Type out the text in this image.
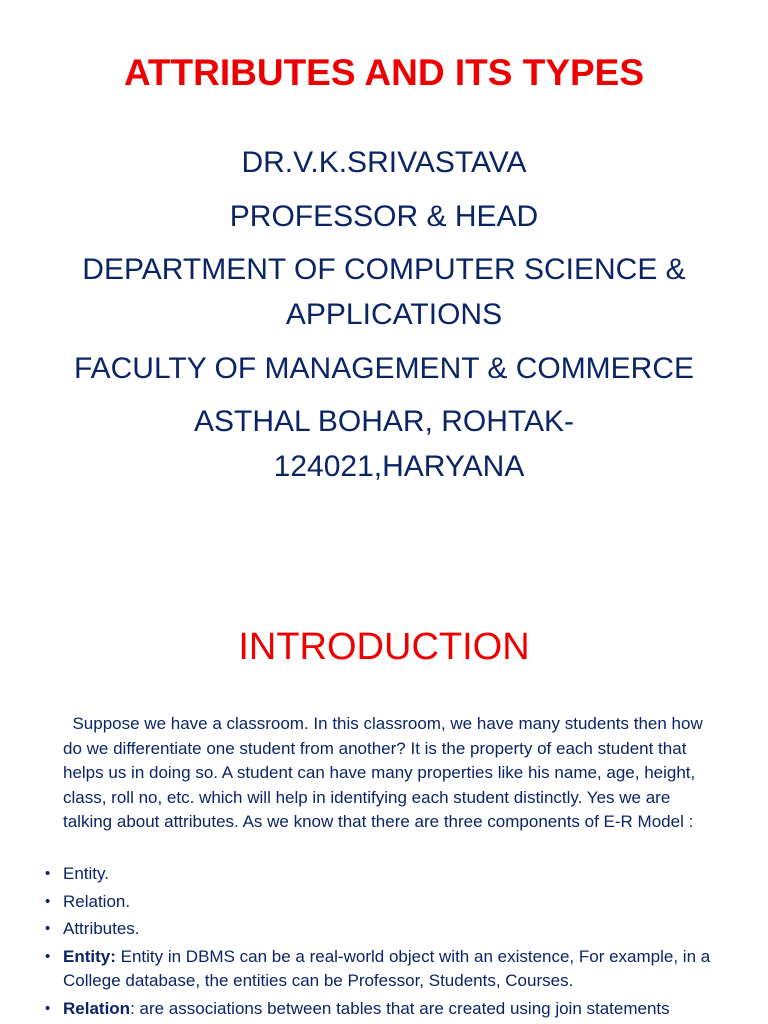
ATTRIBUTES AND ITS TYPES
DR.V.K.SRIVASTAVA
PROFESSOR & HEAD
DEPARTMENT OF COMPUTER SCIENCE &
APPLICATIONS
FACULTY OF MANAGEMENT & COMMERCE
ASTHAL BOHAR, ROHTAK-
124021,HARYANA
INTRODUCTION

Suppose we have a classroom. In this classroom, we have many students then how do we differentiate one student from another? It is the property of each student that helps us in doing so. A student can have many properties like his name, age, height, class, roll no, etc. which will help in identifying each student distinctly. Yes we are talking about attributes. As we know that there are three components of E-R Model :

• Entity.
• Relation.
• Attributes.
• Entity: Entity in DBMS can be a real-world object with an existence, For example, in a College database, the entities can be Professor, Students, Courses.
• Relation: are associations between tables that are created using join statements
